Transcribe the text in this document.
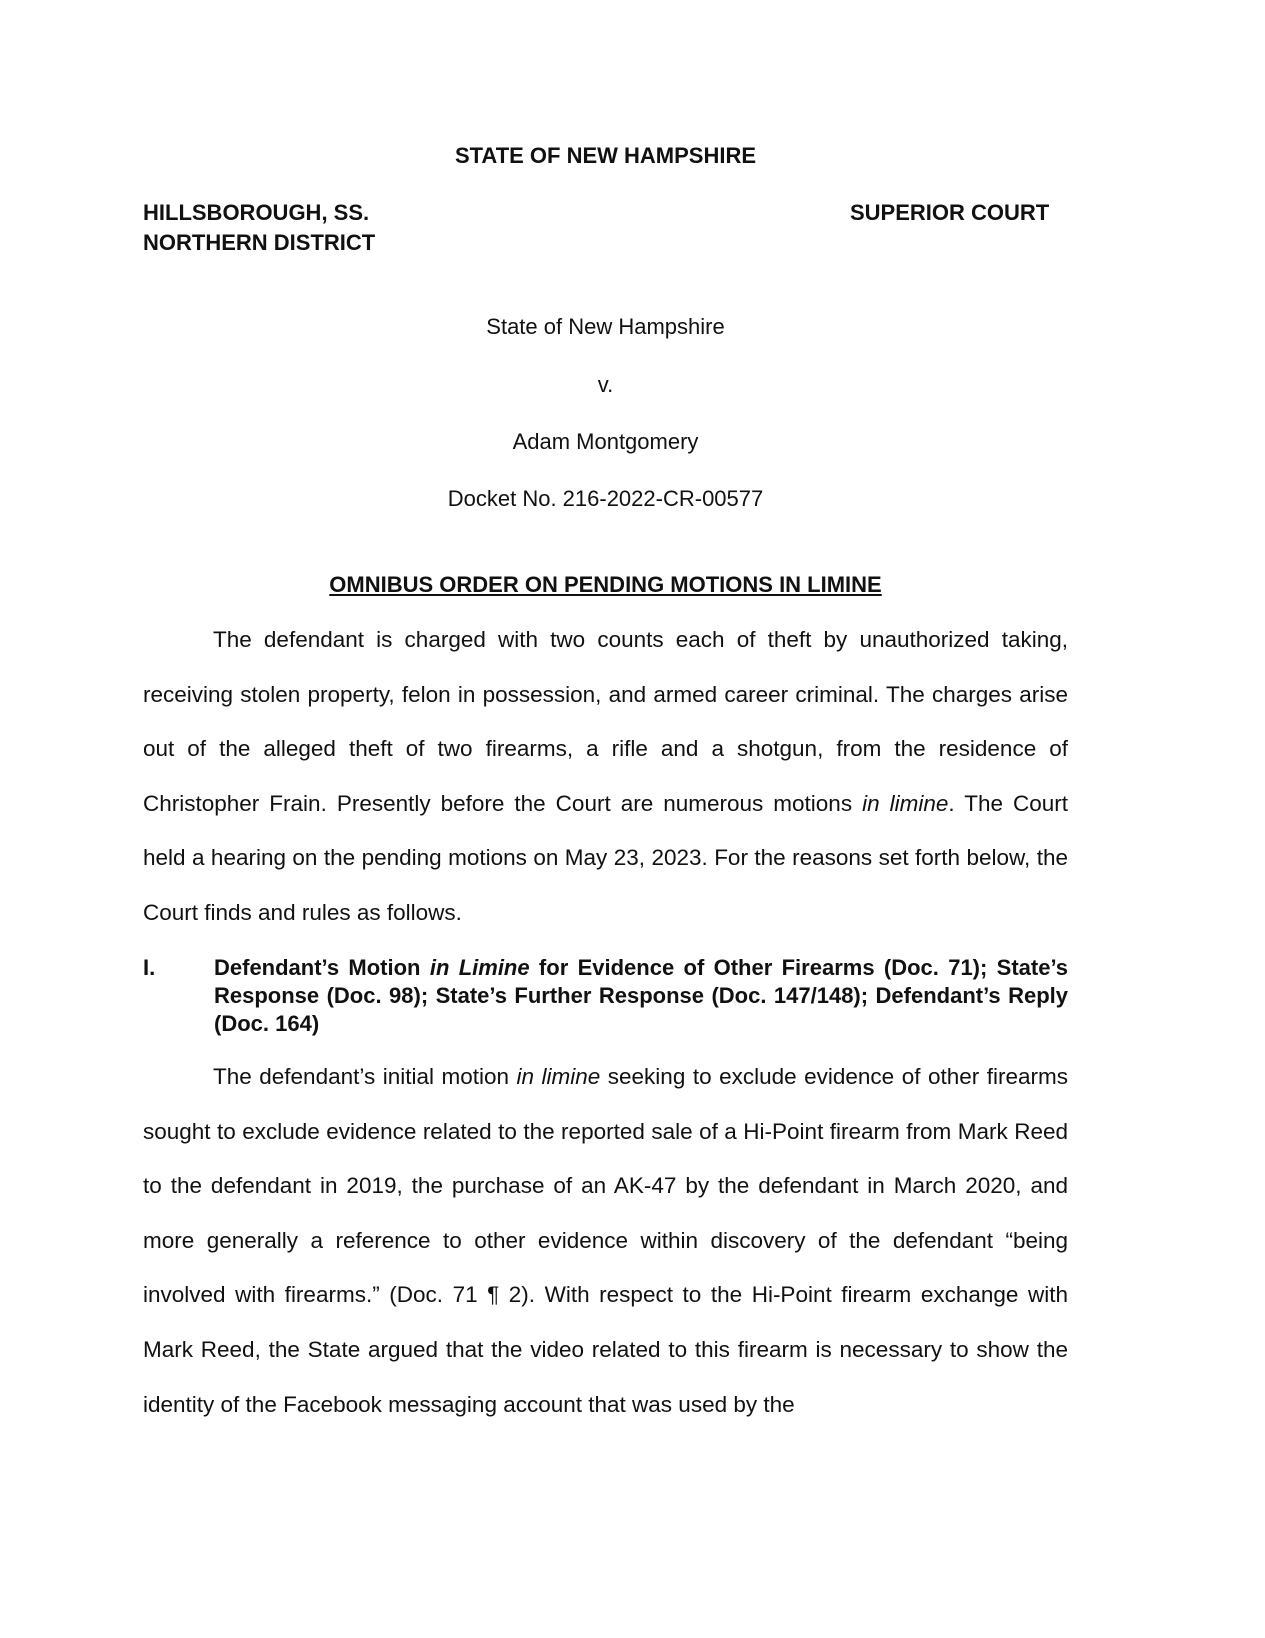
STATE OF NEW HAMPSHIRE
HILLSBOROUGH, SS.
NORTHERN DISTRICT
SUPERIOR COURT
State of New Hampshire
v.
Adam Montgomery
Docket No. 216-2022-CR-00577
OMNIBUS ORDER ON PENDING MOTIONS IN LIMINE
The defendant is charged with two counts each of theft by unauthorized taking, receiving stolen property, felon in possession, and armed career criminal. The charges arise out of the alleged theft of two firearms, a rifle and a shotgun, from the residence of Christopher Frain. Presently before the Court are numerous motions in limine. The Court held a hearing on the pending motions on May 23, 2023. For the reasons set forth below, the Court finds and rules as follows.
I.	Defendant’s Motion in Limine for Evidence of Other Firearms (Doc. 71); State’s Response (Doc. 98); State’s Further Response (Doc. 147/148); Defendant’s Reply (Doc. 164)
The defendant’s initial motion in limine seeking to exclude evidence of other firearms sought to exclude evidence related to the reported sale of a Hi-Point firearm from Mark Reed to the defendant in 2019, the purchase of an AK-47 by the defendant in March 2020, and more generally a reference to other evidence within discovery of the defendant “being involved with firearms.” (Doc. 71 ¶ 2). With respect to the Hi-Point firearm exchange with Mark Reed, the State argued that the video related to this firearm is necessary to show the identity of the Facebook messaging account that was used by the
